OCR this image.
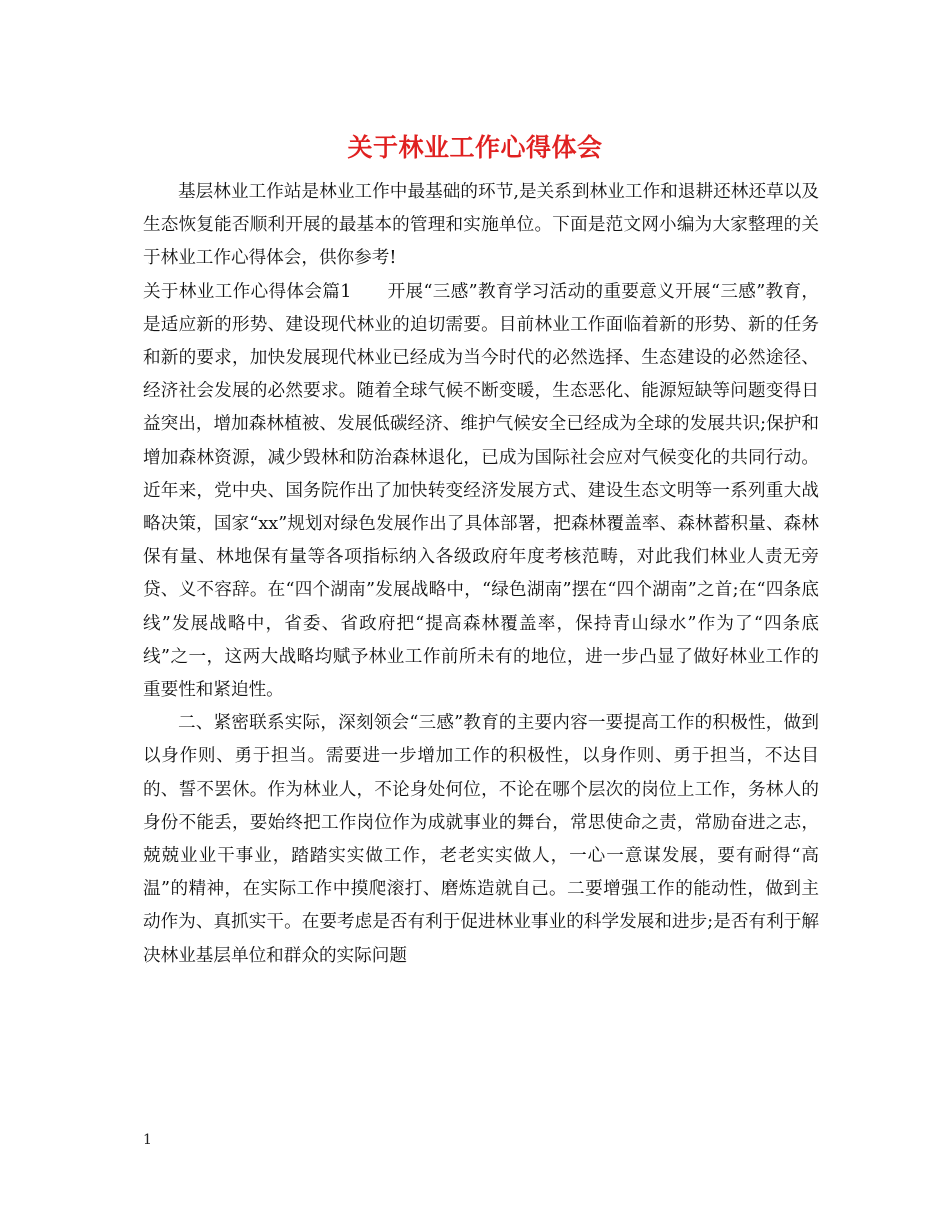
关于林业工作心得体会

基层林业工作站是林业工作中最基础的环节,是关系到林业工作和退耕还林还草以及生态恢复能否顺利开展的最基本的管理和实施单位。下面是范文网小编为大家整理的关于林业工作心得体会，供你参考!

关于林业工作心得体会篇1　　开展“三感”教育学习活动的重要意义开展“三感”教育，是适应新的形势、建设现代林业的迫切需要。目前林业工作面临着新的形势、新的任务和新的要求，加快发展现代林业已经成为当今时代的必然选择、生态建设的必然途径、经济社会发展的必然要求。随着全球气候不断变暖，生态恶化、能源短缺等问题变得日益突出，增加森林植被、发展低碳经济、维护气候安全已经成为全球的发展共识;保护和增加森林资源，减少毁林和防治森林退化，已成为国际社会应对气候变化的共同行动。近年来，党中央、国务院作出了加快转变经济发展方式、建设生态文明等一系列重大战略决策，国家“xx”规划对绿色发展作出了具体部署，把森林覆盖率、森林蓄积量、森林保有量、林地保有量等各项指标纳入各级政府年度考核范畴，对此我们林业人责无旁贷、义不容辞。在“四个湖南”发展战略中，“绿色湖南”摆在“四个湖南”之首;在“四条底线”发展战略中，省委、省政府把“提高森林覆盖率，保持青山绿水”作为了“四条底线”之一，这两大战略均赋予林业工作前所未有的地位，进一步凸显了做好林业工作的重要性和紧迫性。

二、紧密联系实际，深刻领会“三感”教育的主要内容一要提高工作的积极性，做到以身作则、勇于担当。需要进一步增加工作的积极性，以身作则、勇于担当，不达目的、誓不罢休。作为林业人，不论身处何位，不论在哪个层次的岗位上工作，务林人的身份不能丢，要始终把工作岗位作为成就事业的舞台，常思使命之责，常励奋进之志，兢兢业业干事业，踏踏实实做工作，老老实实做人，一心一意谋发展，要有耐得“高温”的精神，在实际工作中摸爬滚打、磨炼造就自己。二要增强工作的能动性，做到主动作为、真抓实干。在要考虑是否有利于促进林业事业的科学发展和进步;是否有利于解决林业基层单位和群众的实际问题

1
